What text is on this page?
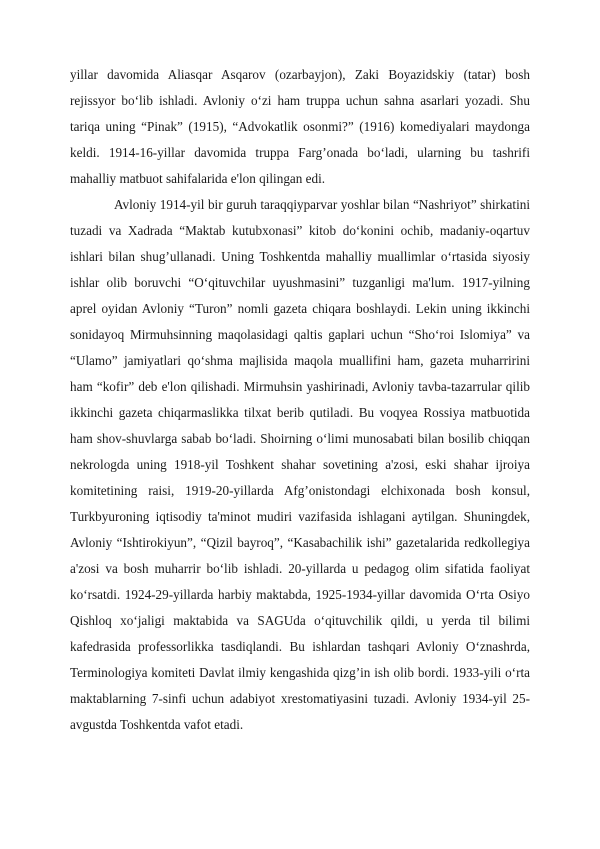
yillar davomida Aliasqar Asqarov (ozarbayjon), Zaki Boyazidskiy (tatar) bosh rejissyor bo‘lib ishladi. Avloniy o‘zi ham truppa uchun sahna asarlari yozadi. Shu tariqa uning “Pinak” (1915), “Advokatlik osonmi?” (1916) komediyalari maydonga keldi. 1914-16-yillar davomida truppa Farg’onada bo‘ladi, ularning bu tashrifi mahalliy matbuot sahifalarida e'lon qilingan edi.

Avloniy 1914-yil bir guruh taraqqiyparvar yoshlar bilan “Nashriyot” shirkatini tuzadi va Xadrada “Maktab kutubxonasi” kitob do‘konini ochib, madaniy-oqartuv ishlari bilan shug’ullanadi. Uning Toshkentda mahalliy muallimlar o‘rtasida siyosiy ishlar olib boruvchi “O‘qituvchilar uyushmasini” tuzganligi ma'lum. 1917-yilning aprel oyidan Avloniy “Turon” nomli gazeta chiqara boshlaydi. Lekin uning ikkinchi sonidayoq Mirmuhsinning maqolasidagi qaltis gaplari uchun “Sho‘roi Islomiya” va “Ulamo” jamiyatlari qo‘shma majlisida maqola muallifini ham, gazeta muharririni ham “kofir” deb e'lon qilishadi. Mirmuhsin yashirinadi, Avloniy tavba-tazarrular qilib ikkinchi gazeta chiqarmaslikka tilxat berib qutiladi. Bu voqyea Rossiya matbuotida ham shov-shuvlarga sabab bo‘ladi. Shoirning o‘limi munosabati bilan bosilib chiqqan nekrologda uning 1918-yil Toshkent shahar sovetining a'zosi, eski shahar ijroiya komitetining raisi, 1919-20-yillarda Afg’onistondagi elchixonada bosh konsul, Turkbyuroning iqtisodiy ta'minot mudiri vazifasida ishlagani aytilgan. Shuningdek, Avloniy “Ishtirokiyun”, “Qizil bayroq”, “Kasabachilik ishi” gazetalarida redkollegiya a'zosi va bosh muharrir bo‘lib ishladi. 20-yillarda u pedagog olim sifatida faoliyat ko‘rsatdi. 1924-29-yillarda harbiy maktabda, 1925-1934-yillar davomida O‘rta Osiyo Qishloq xo‘jaligi maktabida va SAGUda o‘qituvchilik qildi, u yerda til bilimi kafedrasida professorlikka tasdiqlandi. Bu ishlardan tashqari Avloniy O‘znashrda, Terminologiya komiteti Davlat ilmiy kengashida qizg’in ish olib bordi. 1933-yili o‘rta maktablarning 7-sinfi uchun adabiyot xrestomatiyasini tuzadi. Avloniy 1934-yil 25-avgustda Toshkentda vafot etadi.
